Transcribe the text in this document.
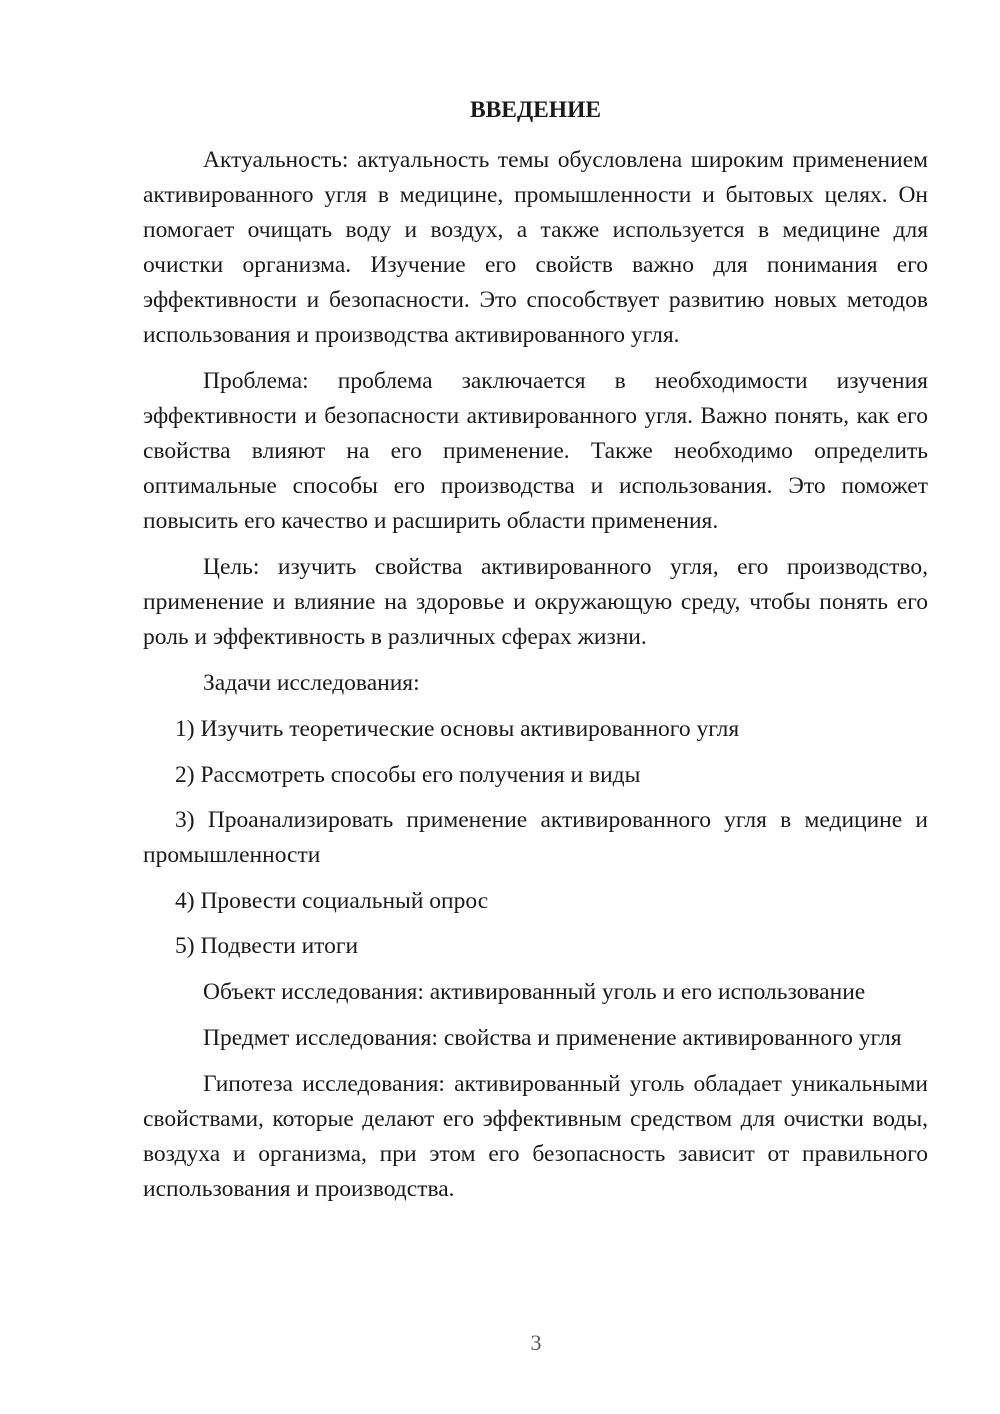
ВВЕДЕНИЕ

Актуальность: актуальность темы обусловлена широким применением активированного угля в медицине, промышленности и бытовых целях. Он помогает очищать воду и воздух, а также используется в медицине для очистки организма. Изучение его свойств важно для понимания его эффективности и безопасности. Это способствует развитию новых методов использования и производства активированного угля.

Проблема: проблема заключается в необходимости изучения эффективности и безопасности активированного угля. Важно понять, как его свойства влияют на его применение. Также необходимо определить оптимальные способы его производства и использования. Это поможет повысить его качество и расширить области применения.

Цель: изучить свойства активированного угля, его производство, применение и влияние на здоровье и окружающую среду, чтобы понять его роль и эффективность в различных сферах жизни.

Задачи исследования:

1) Изучить теоретические основы активированного угля

2) Рассмотреть способы его получения и виды

3) Проанализировать применение активированного угля в медицине и промышленности

4) Провести социальный опрос

5) Подвести итоги

Объект исследования: активированный уголь и его использование

Предмет исследования: свойства и применение активированного угля

Гипотеза исследования: активированный уголь обладает уникальными свойствами, которые делают его эффективным средством для очистки воды, воздуха и организма, при этом его безопасность зависит от правильного использования и производства.

3
